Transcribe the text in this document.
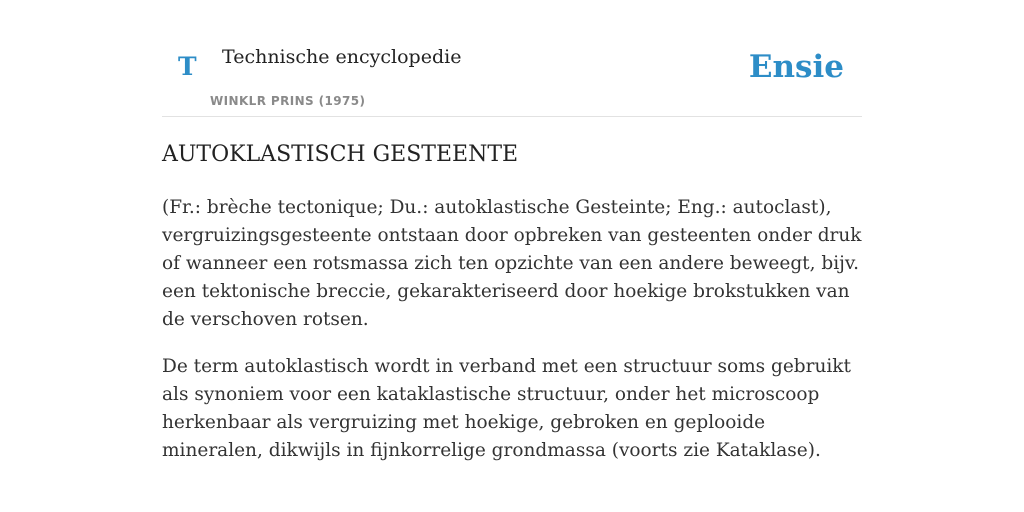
T Technische encyclopedie
WINKLR PRINS (1975)
Ensie
AUTOKLASTISCH GESTEENTE

(Fr.: brèche tectonique; Du.: autoklastische Gesteinte; Eng.: autoclast), vergruizingsgesteente ontstaan door opbreken van gesteenten onder druk of wanneer een rotsmassa zich ten opzichte van een andere beweegt, bijv. een tektonische breccie, gekarakteriseerd door hoekige brokstukken van de verschoven rotsen.

De term autoklastisch wordt in verband met een structuur soms gebruikt als synoniem voor een kataklastische structuur, onder het microscoop herkenbaar als vergruizing met hoekige, gebroken en geplooide mineralen, dikwijls in fijnkorrelige grondmassa (voorts zie Kataklase).
